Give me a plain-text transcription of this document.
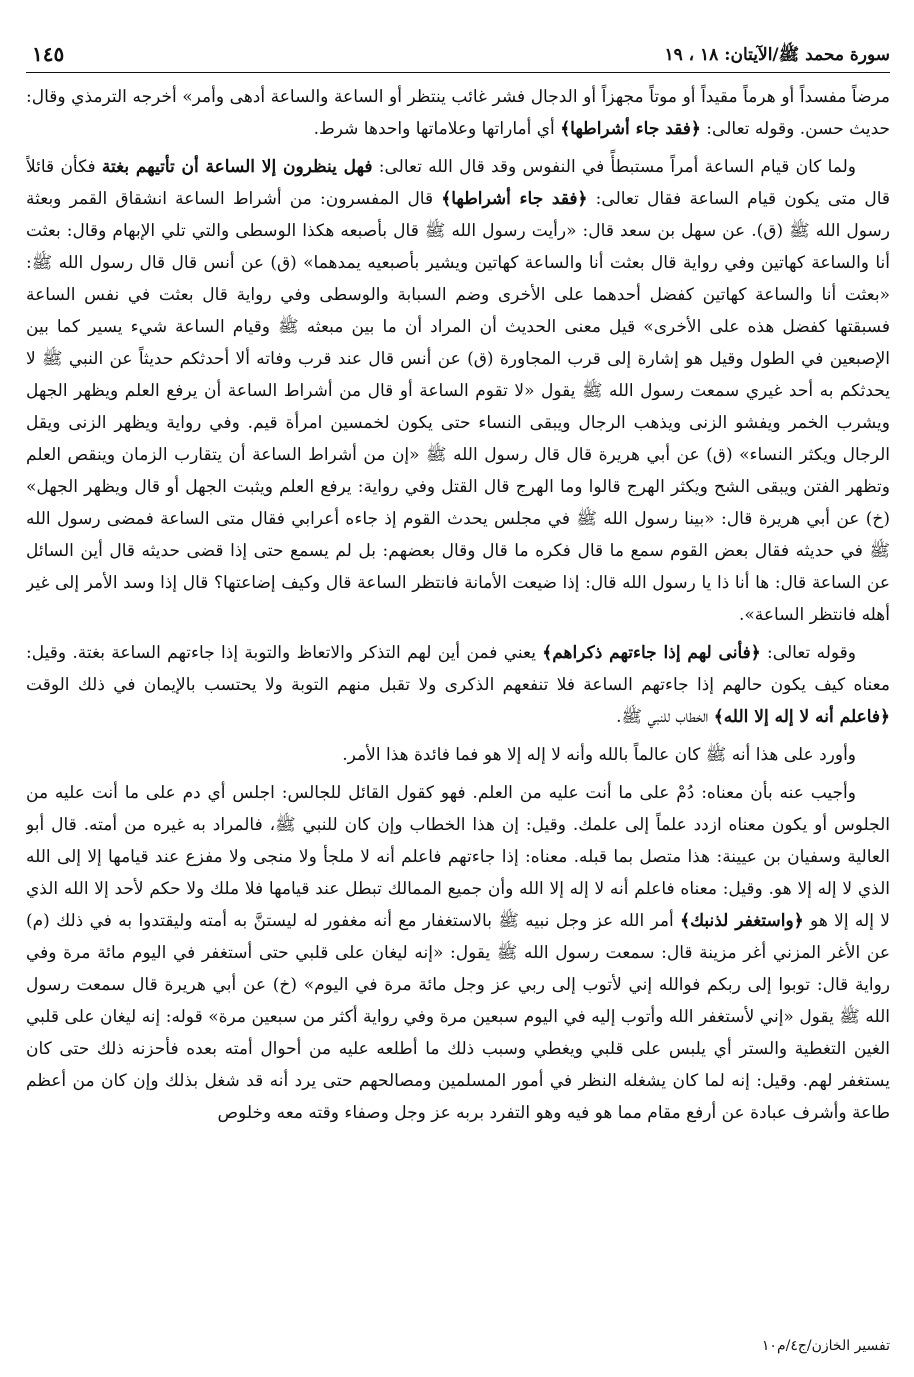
سورة محمد ﷺ/الآيتان: ١٨ ، ١٩
١٤٥

مرضاً مفسداً أو هرماً مقيداً أو موتاً مجهزاً أو الدجال فشر غائب ينتظر أو الساعة والساعة أدهى وأمر» أخرجه الترمذي وقال: حديث حسن. وقوله تعالى: ﴿فقد جاء أشراطها﴾ أي أماراتها وعلاماتها واحدها شرط.

ولما كان قيام الساعة أمراً مستبطأً في النفوس وقد قال الله تعالى: فهل ينظرون إلا الساعة أن تأتيهم بغتة فكأن قائلاً قال متى يكون قيام الساعة فقال تعالى: ﴿فقد جاء أشراطها﴾ قال المفسرون: من أشراط الساعة انشقاق القمر وبعثة رسول الله ﷺ (ق). عن سهل بن سعد قال: «رأيت رسول الله ﷺ قال بأصبعه هكذا الوسطى والتي تلي الإبهام وقال: بعثت أنا والساعة كهاتين وفي رواية قال بعثت أنا والساعة كهاتين ويشير بأصبعيه يمدهما» (ق) عن أنس قال قال رسول الله ﷺ: «بعثت أنا والساعة كهاتين كفضل أحدهما على الأخرى وضم السبابة والوسطى وفي رواية قال بعثت في نفس الساعة فسبقتها كفضل هذه على الأخرى» قيل معنى الحديث أن المراد أن ما بين مبعثه ﷺ وقيام الساعة شيء يسير كما بين الإصبعين في الطول وقيل هو إشارة إلى قرب المجاورة (ق) عن أنس قال عند قرب وفاته ألا أحدثكم حديثاً عن النبي ﷺ لا يحدثكم به أحد غيري سمعت رسول الله ﷺ يقول «لا تقوم الساعة أو قال من أشراط الساعة أن يرفع العلم ويظهر الجهل ويشرب الخمر ويفشو الزنى ويذهب الرجال ويبقى النساء حتى يكون لخمسين امرأة قيم. وفي رواية ويظهر الزنى ويقل الرجال ويكثر النساء» (ق) عن أبي هريرة قال قال رسول الله ﷺ «إن من أشراط الساعة أن يتقارب الزمان وينقص العلم وتظهر الفتن ويبقى الشح ويكثر الهرج قالوا وما الهرج قال القتل وفي رواية: يرفع العلم ويثبت الجهل أو قال ويظهر الجهل» (خ) عن أبي هريرة قال: «بينا رسول الله ﷺ في مجلس يحدث القوم إذ جاءه أعرابي فقال متى الساعة فمضى رسول الله ﷺ في حديثه فقال بعض القوم سمع ما قال فكره ما قال وقال بعضهم: بل لم يسمع حتى إذا قضى حديثه قال أين السائل عن الساعة قال: ها أنا ذا يا رسول الله قال: إذا ضيعت الأمانة فانتظر الساعة قال وكيف إضاعتها؟ قال إذا وسد الأمر إلى غير أهله فانتظر الساعة».

وقوله تعالى: ﴿فأنى لهم إذا جاءتهم ذكراهم﴾ يعني فمن أين لهم التذكر والاتعاظ والتوبة إذا جاءتهم الساعة بغتة. وقيل: معناه كيف يكون حالهم إذا جاءتهم الساعة فلا تنفعهم الذكرى ولا تقبل منهم التوبة ولا يحتسب بالإيمان في ذلك الوقت ﴿فاعلم أنه لا إله إلا الله﴾ الخطاب للنبي ﷺ.

وأورد على هذا أنه ﷺ كان عالماً بالله وأنه لا إله إلا هو فما فائدة هذا الأمر.

وأجيب عنه بأن معناه: دُمْ على ما أنت عليه من العلم. فهو كقول القائل للجالس: اجلس أي دم على ما أنت عليه من الجلوس أو يكون معناه ازدد علماً إلى علمك. وقيل: إن هذا الخطاب وإن كان للنبي ﷺ، فالمراد به غيره من أمته. قال أبو العالية وسفيان بن عيينة: هذا متصل بما قبله. معناه: إذا جاءتهم فاعلم أنه لا ملجأ ولا منجى ولا مفزع عند قيامها إلا إلى الله الذي لا إله إلا هو. وقيل: معناه فاعلم أنه لا إله إلا الله وأن جميع الممالك تبطل عند قيامها فلا ملك ولا حكم لأحد إلا الله الذي لا إله إلا هو ﴿واستغفر لذنبك﴾ أمر الله عز وجل نبيه ﷺ بالاستغفار مع أنه مغفور له ليستنَّ به أمته وليقتدوا به في ذلك (م) عن الأغر المزني أغر مزينة قال: سمعت رسول الله ﷺ يقول: «إنه ليغان على قلبي حتى أستغفر في اليوم مائة مرة وفي رواية قال: توبوا إلى ربكم فوالله إني لأتوب إلى ربي عز وجل مائة مرة في اليوم» (خ) عن أبي هريرة قال سمعت رسول الله ﷺ يقول «إني لأستغفر الله وأتوب إليه في اليوم سبعين مرة وفي رواية أكثر من سبعين مرة» قوله: إنه ليغان على قلبي الغين التغطية والستر أي يلبس على قلبي ويغطي وسبب ذلك ما أطلعه عليه من أحوال أمته بعده فأحزنه ذلك حتى كان يستغفر لهم. وقيل: إنه لما كان يشغله النظر في أمور المسلمين ومصالحهم حتى يرد أنه قد شغل بذلك وإن كان من أعظم طاعة وأشرف عبادة عن أرفع مقام مما هو فيه وهو التفرد بربه عز وجل وصفاء وقته معه وخلوص

تفسير الخازن/ج٤/م١٠
